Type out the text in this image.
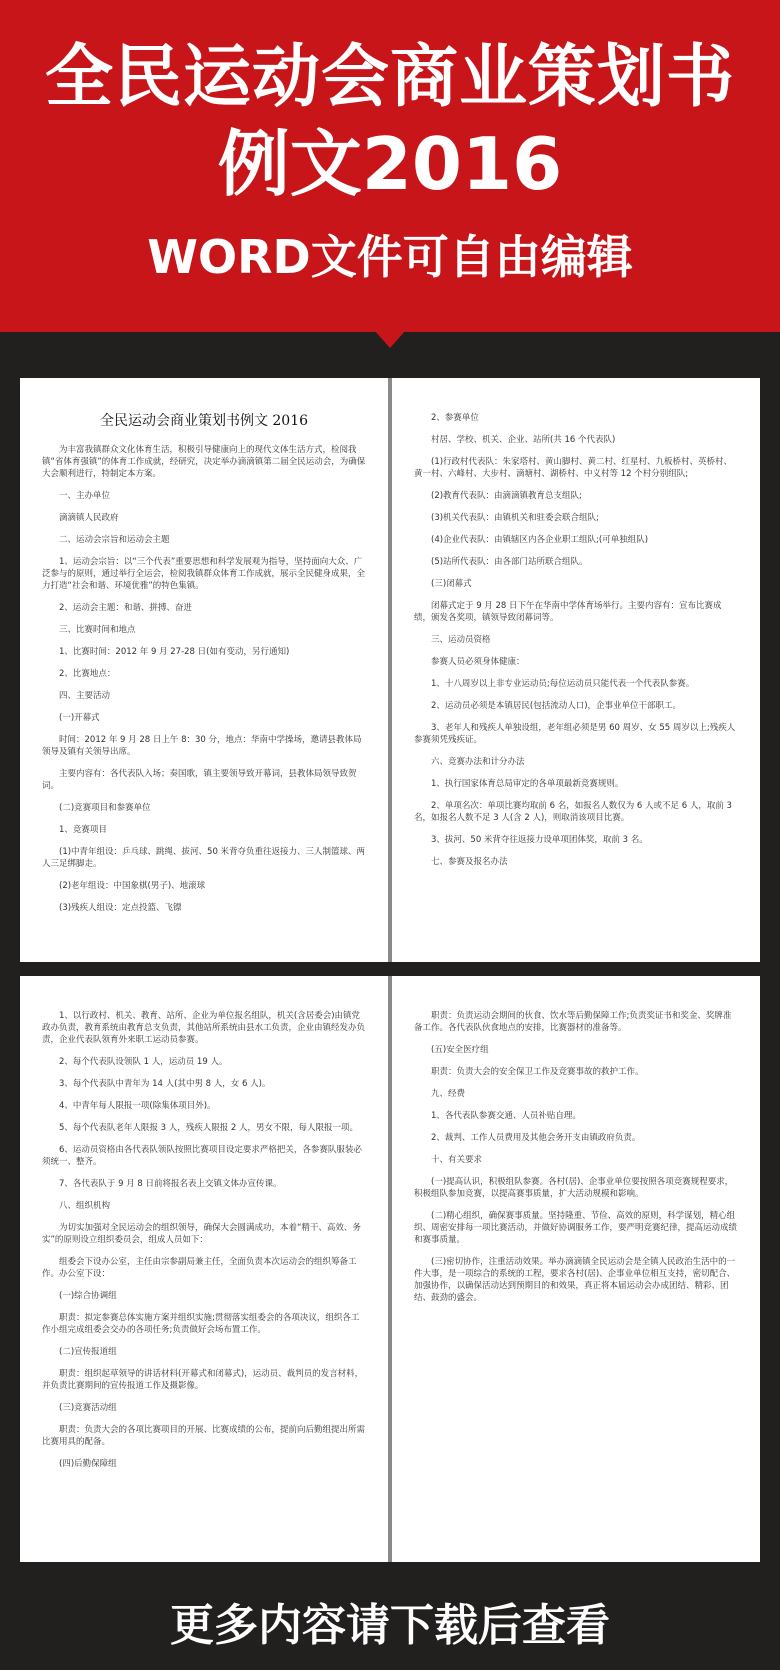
全民运动会商业策划书
例文2016
WORD文件可自由编辑
全民运动会商业策划书例文 2016
为丰富我镇群众文化体育生活，积极引导健康向上的现代文体生活方式，检阅我镇“省体育强镇”的体育工作成就，经研究，决定举办滴滴镇第二届全民运动会，为确保大会顺利进行，特制定本方案。
一、主办单位
滴滴镇人民政府
二、运动会宗旨和运动会主题
1、运动会宗旨：以“三个代表”重要思想和科学发展观为指导，坚持面向大众、广泛参与的原则，通过举行全运会，检阅我镇群众体育工作成就，展示全民健身成果，全力打造“社会和谐、环境优雅”的特色集镇。
2、运动会主题：和谐、拼搏、奋进
三、比赛时间和地点
1、比赛时间：2012 年 9 月 27-28 日(如有变动，另行通知)
2、比赛地点：
四、主要活动
(一)开幕式
时间：2012 年 9 月 28 日上午 8：30 分，地点：华南中学操场，邀请县教体局领导及镇有关领导出席。
主要内容有：各代表队入场；奏国歌，镇主要领导致开幕词，县教体局领导致贺词。
(二)竞赛项目和参赛单位
1、竞赛项目
(1)中青年组设：乒乓球、跳绳、拔河、50 米背夺负重往返接力、三人制篮球、两人三足绑脚走。
(2)老年组设：中国象棋(男子)、地滚球
(3)残疾人组设：定点投篮、飞镖
2、参赛单位
村居、学校、机关、企业、站所(共 16 个代表队)
(1)行政村代表队：朱家塔村、黄山脚村、黄二村、红星村、九板桥村、英桥村、黄一村、六峰村、大步村、滴塘村、湖桥村、中义村等 12 个村分别组队;
(2)教育代表队：由滴滴镇教育总支组队;
(3)机关代表队：由镇机关和驻委会联合组队;
(4)企业代表队：由镇辖区内各企业职工组队;(可单独组队)
(5)站所代表队：由各部门站所联合组队。
(三)闭幕式
闭幕式定于 9 月 28 日下午在华南中学体育场举行。主要内容有：宣布比赛成绩，颁发各奖项，镇领导致闭幕词等。
三、运动员资格
参赛人员必须身体健康：
1、十八周岁以上非专业运动员;每位运动员只能代表一个代表队参赛。
2、运动员必须是本镇居民(包括流动人口)，企事业单位干部职工。
3、老年人和残疾人单独设组，老年组必须是男 60 周岁、女 55 周岁以上;残疾人参赛须凭残疾证。
六、竞赛办法和计分办法
1、执行国家体育总局审定的各单项最新竞赛规则。
2、单项名次：单项比赛均取前 6 名，如报名人数仅为 6 人或不足 6 人，取前 3 名，如报名人数不足 3 人(含 2 人)，则取消该项目比赛。
3、拔河、50 米背夺往返接力设单项团体奖，取前 3 名。
七、参赛及报名办法
1、以行政村、机关、教育、站所、企业为单位报名组队，机关(含居委会)由镇党政办负责，教育系统由教育总支负责，其他站所系统由县水工负责，企业由镇经发办负责，企业代表队领育外来职工运动员参赛。
2、每个代表队设领队 1 人，运动员 19 人。
3、每个代表队中青年为 14 人(其中男 8 人，女 6 人)。
4、中青年每人限报一项(除集体项目外)。
5、每个代表队老年人限报 3 人，残疾人限报 2 人，男女不限，每人限报一项。
6、运动员资格由各代表队领队按照比赛项目设定要求严格把关，各参赛队服装必须统一、整齐。
7、各代表队于 9 月 8 日前将报名表上交镇文体办宣传课。
八、组织机构
为切实加强对全民运动会的组织领导，确保大会圆满成功，本着“精干、高效、务实”的原则设立组织委员会，组成人员如下：
组委会下设办公室，主任由宗参副局兼主任，全面负责本次运动会的组织筹备工作。办公室下设：
(一)综合协调组
职责：拟定参赛总体实施方案并组织实施;贯彻落实组委会的各项决议，组织各工作小组完成组委会交办的各项任务;负责做好会场布置工作。
(二)宣传报道组
职责：组织起草领导的讲话材料(开幕式和闭幕式)，运动员、裁判员的发言材料，并负责比赛期间的宣传报道工作及摄影像。
(三)竞赛活动组
职责：负责大会的各项比赛项目的开展、比赛成绩的公布，提前向后勤组提出所需比赛用具的配备。
(四)后勤保障组
职责：负责运动会期间的伙食、饮水等后勤保障工作;负责奖证书和奖金、奖牌准备工作。各代表队伙食地点的安排，比赛器材的准备等。
(五)安全医疗组
职责：负责大会的安全保卫工作及竞赛事故的救护工作。
九、经费
1、各代表队参赛交通、人员补贴自理。
2、裁判、工作人员费用及其他会务开支由镇政府负责。
十、有关要求
(一)提高认识，积极组队参赛。各村(居)、企事业单位要按照各项竞赛规程要求，积极组队参加竞赛，以提高赛事质量，扩大活动规模和影响。
(二)精心组织，确保赛事质量。坚持隆重、节俭、高效的原则，科学谋划，精心组织、周密安排每一项比赛活动，并做好协调服务工作，要严明竞赛纪律，提高运动成绩和赛事质量。
(三)密切协作，注重活动效果。举办滴滴镇全民运动会是全镇人民政治生活中的一件大事，是一项综合的系统的工程，要求各村(居)、企事业单位相互支持，密切配合、加强协作，以确保活动达到预期目的和效果，真正将本届运动会办成团结、精彩、团结、鼓劲的盛会。
更多内容请下载后查看
